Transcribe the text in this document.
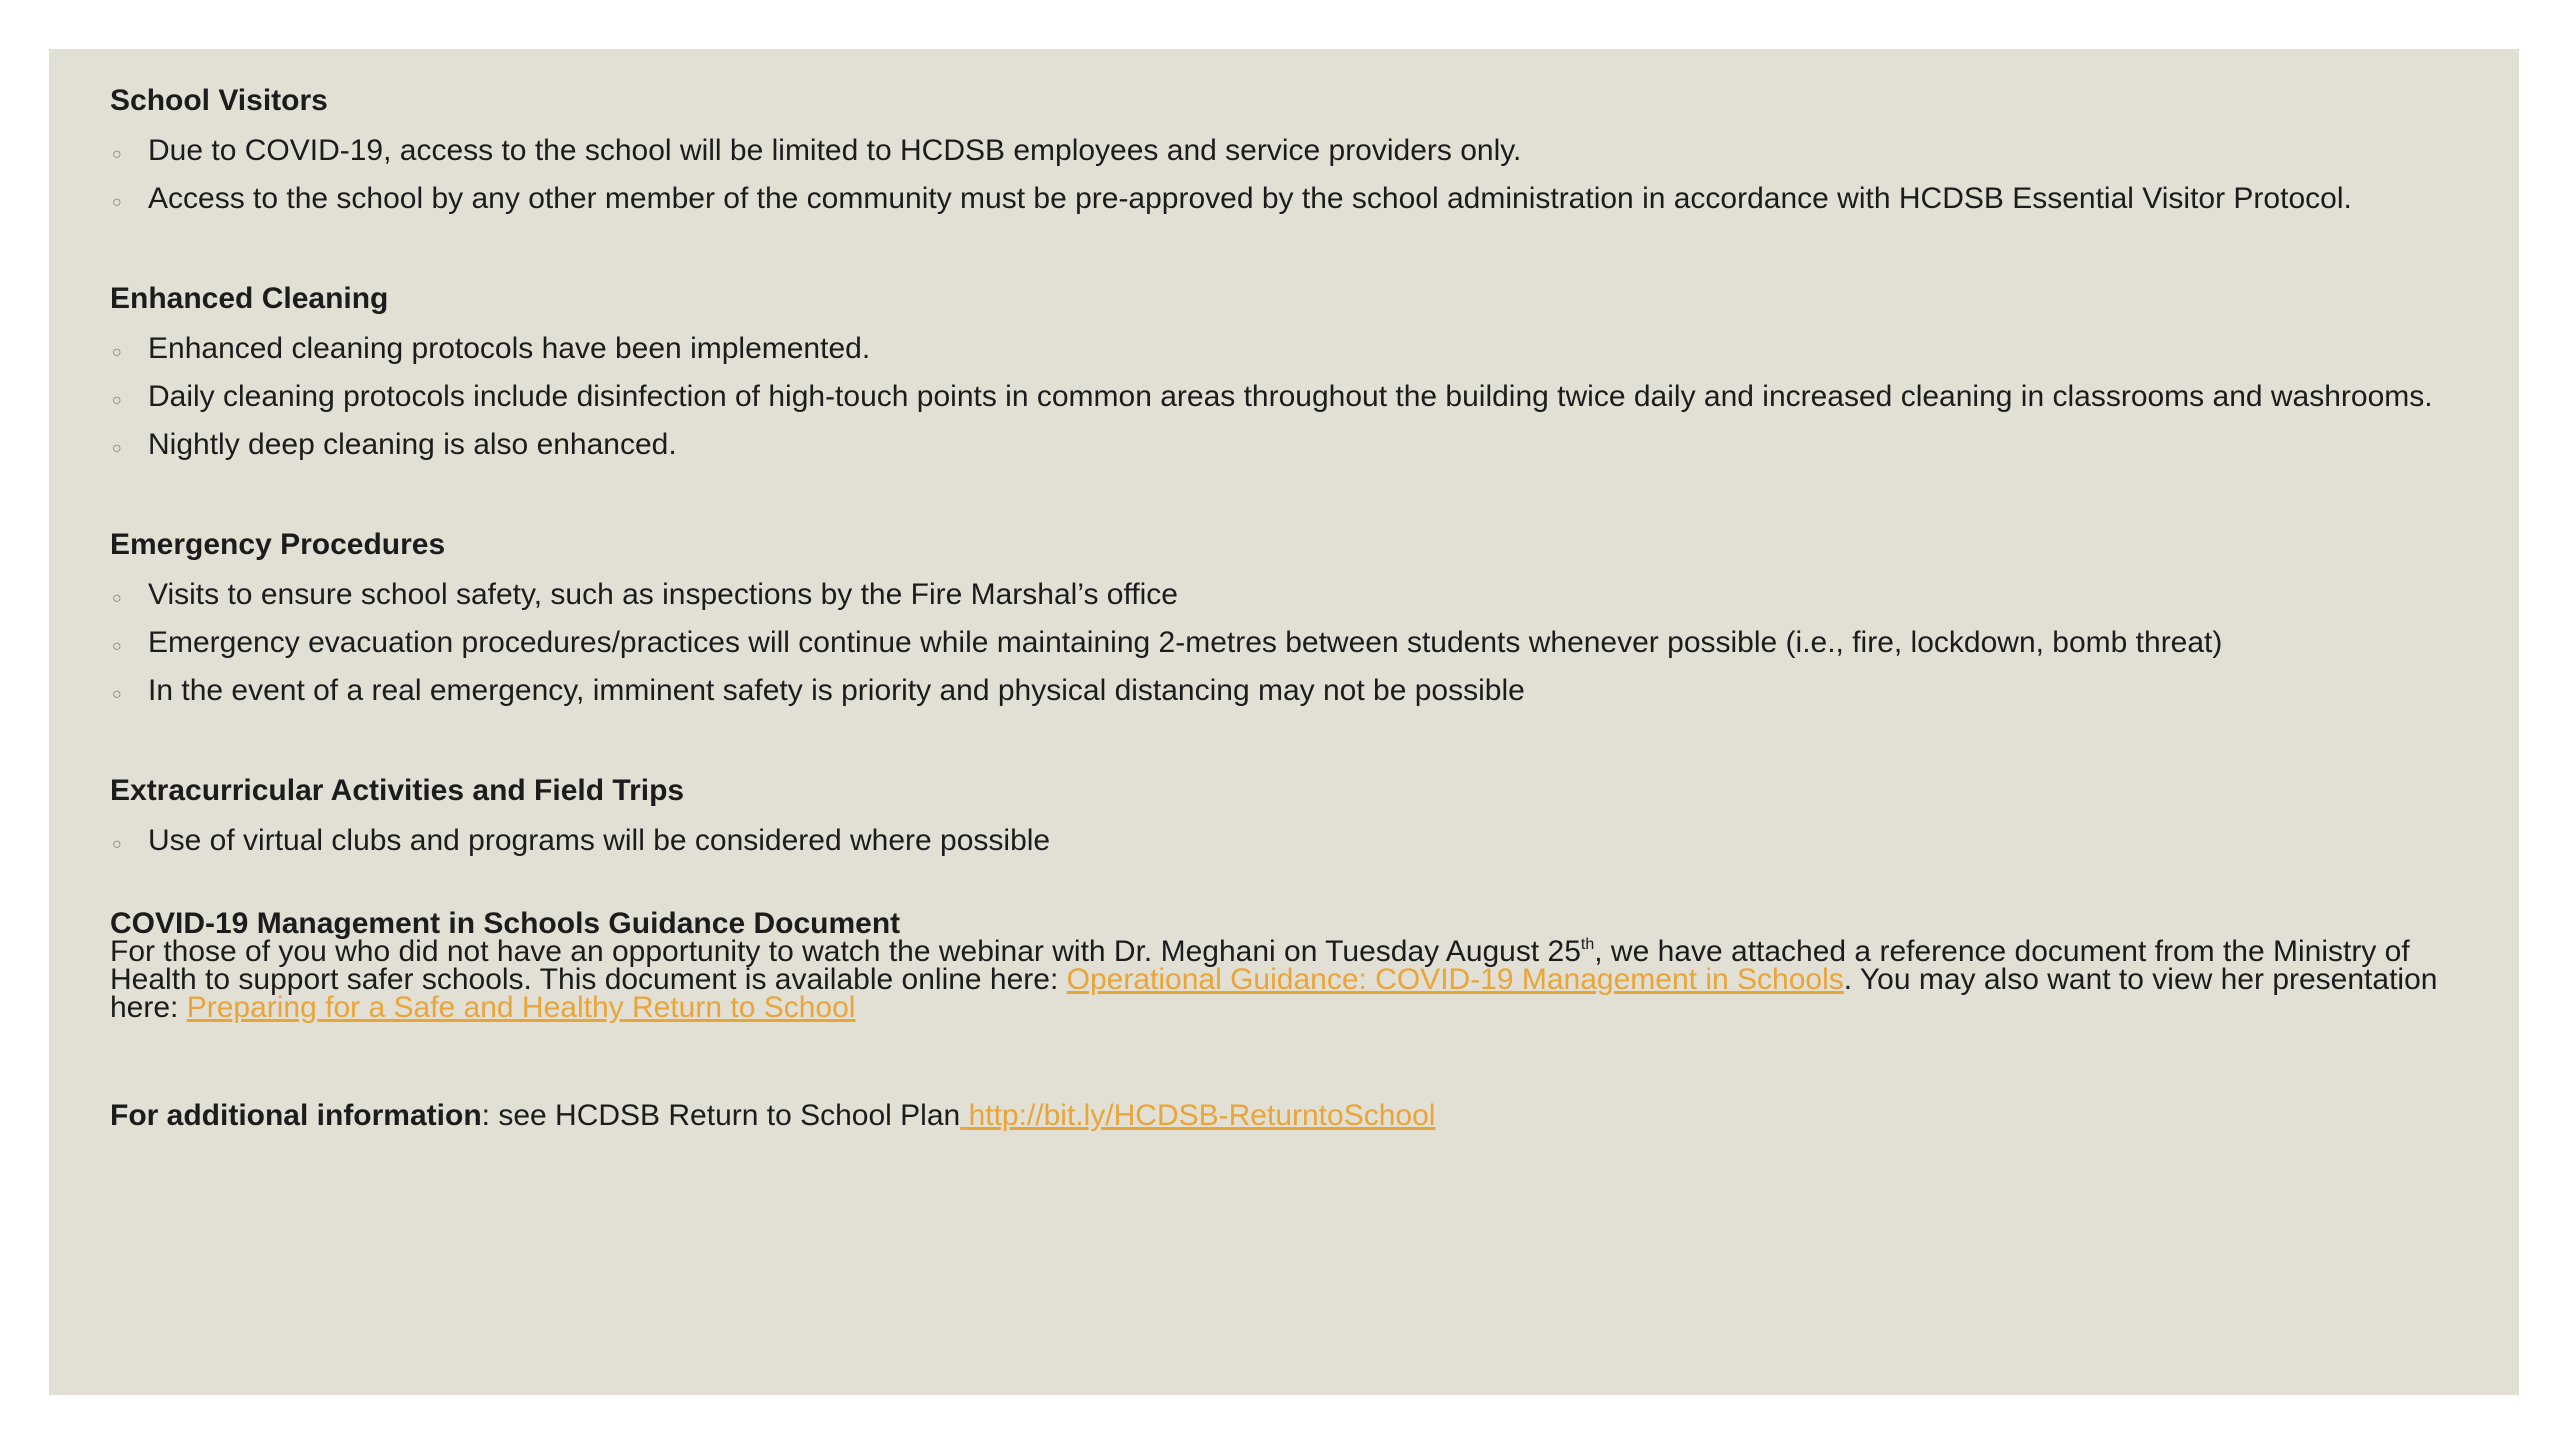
School Visitors
○ Due to COVID-19, access to the school will be limited to HCDSB employees and service providers only.
○ Access to the school by any other member of the community must be pre-approved by the school administration in accordance with HCDSB Essential Visitor Protocol.
Enhanced Cleaning
○ Enhanced cleaning protocols have been implemented.
○ Daily cleaning protocols include disinfection of high-touch points in common areas throughout the building twice daily and increased cleaning in classrooms and washrooms.
○ Nightly deep cleaning is also enhanced.
Emergency Procedures
○ Visits to ensure school safety, such as inspections by the Fire Marshal’s office
○ Emergency evacuation procedures/practices will continue while maintaining 2-metres between students whenever possible (i.e., fire, lockdown, bomb threat)
○ In the event of a real emergency, imminent safety is priority and physical distancing may not be possible
Extracurricular Activities and Field Trips
○ Use of virtual clubs and programs will be considered where possible
COVID-19 Management in Schools Guidance Document
For those of you who did not have an opportunity to watch the webinar with Dr. Meghani on Tuesday August 25th, we have attached a reference document from the Ministry of Health to support safer schools. This document is available online here: Operational Guidance: COVID-19 Management in Schools. You may also want to view her presentation here: Preparing for a Safe and Healthy Return to School
For additional information: see HCDSB Return to School Plan http://bit.ly/HCDSB-ReturntoSchool
